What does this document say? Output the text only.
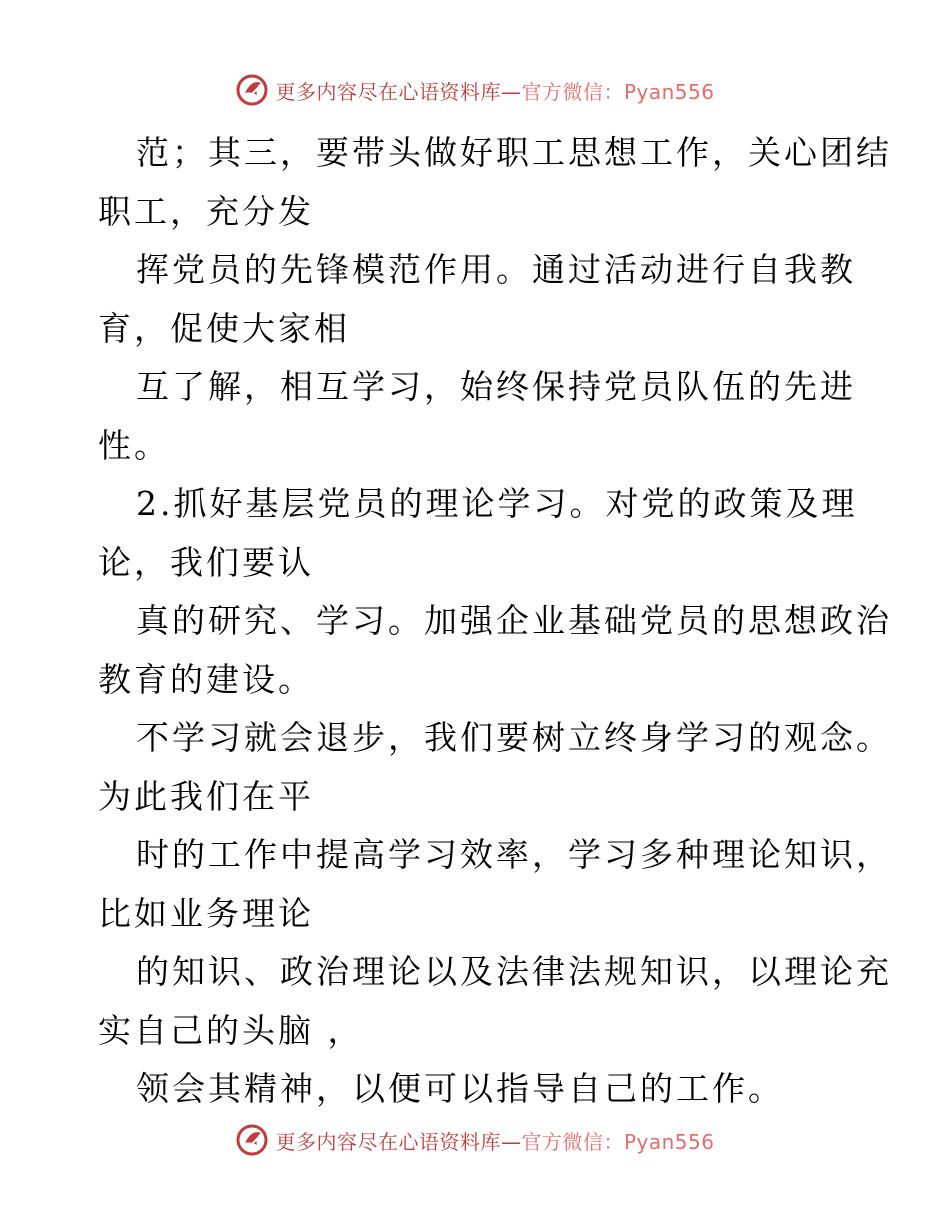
更多内容尽在心语资料库—官方微信：Pyan556
范；其三，要带头做好职工思想工作，关心团结
职工，充分发
挥党员的先锋模范作用。通过活动进行自我教
育，促使大家相
互了解，相互学习，始终保持党员队伍的先进
性。
2.抓好基层党员的理论学习。对党的政策及理
论，我们要认
真的研究、学习。加强企业基础党员的思想政治
教育的建设。
不学习就会退步，我们要树立终身学习的观念。
为此我们在平
时的工作中提高学习效率，学习多种理论知识，
比如业务理论
的知识、政治理论以及法律法规知识，以理论充
实自己的头脑 ，
领会其精神，以便可以指导自己的工作。
更多内容尽在心语资料库—官方微信：Pyan556
